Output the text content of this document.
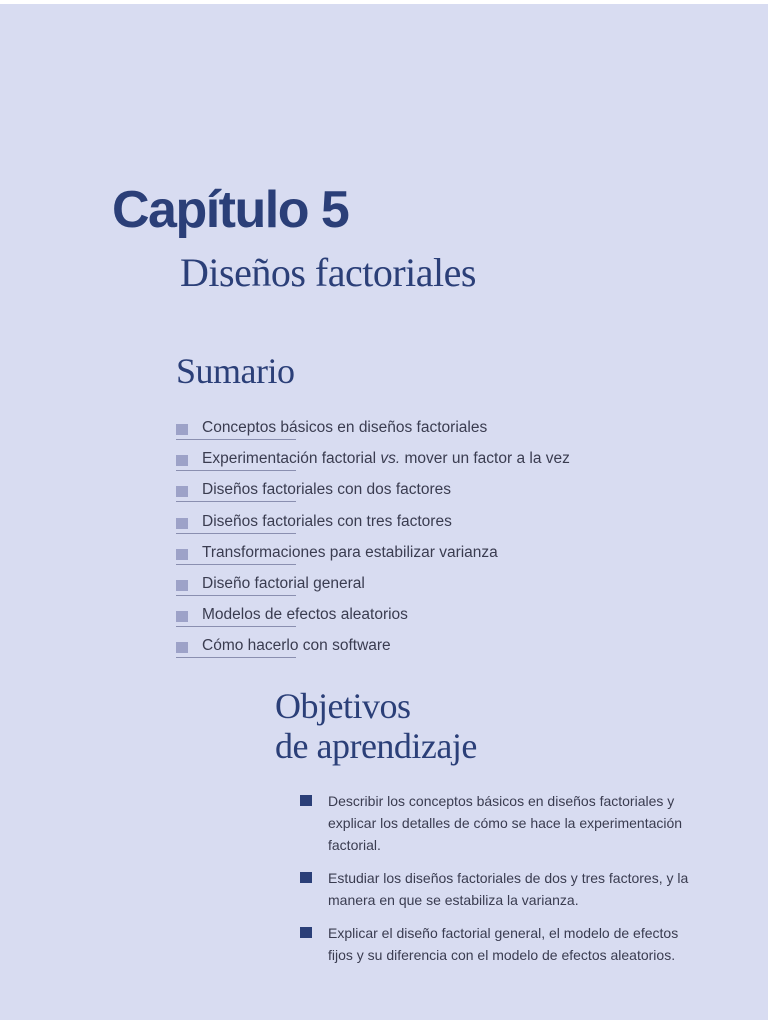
Capítulo 5
Diseños factoriales
Sumario
Conceptos básicos en diseños factoriales
Experimentación factorial vs. mover un factor a la vez
Diseños factoriales con dos factores
Diseños factoriales con tres factores
Transformaciones para estabilizar varianza
Diseño factorial general
Modelos de efectos aleatorios
Cómo hacerlo con software
Objetivos
de aprendizaje
Describir los conceptos básicos en diseños factoriales y
explicar los detalles de cómo se hace la experimentación
factorial.
Estudiar los diseños factoriales de dos y tres factores, y la
manera en que se estabiliza la varianza.
Explicar el diseño factorial general, el modelo de efectos
fijos y su diferencia con el modelo de efectos aleatorios.
